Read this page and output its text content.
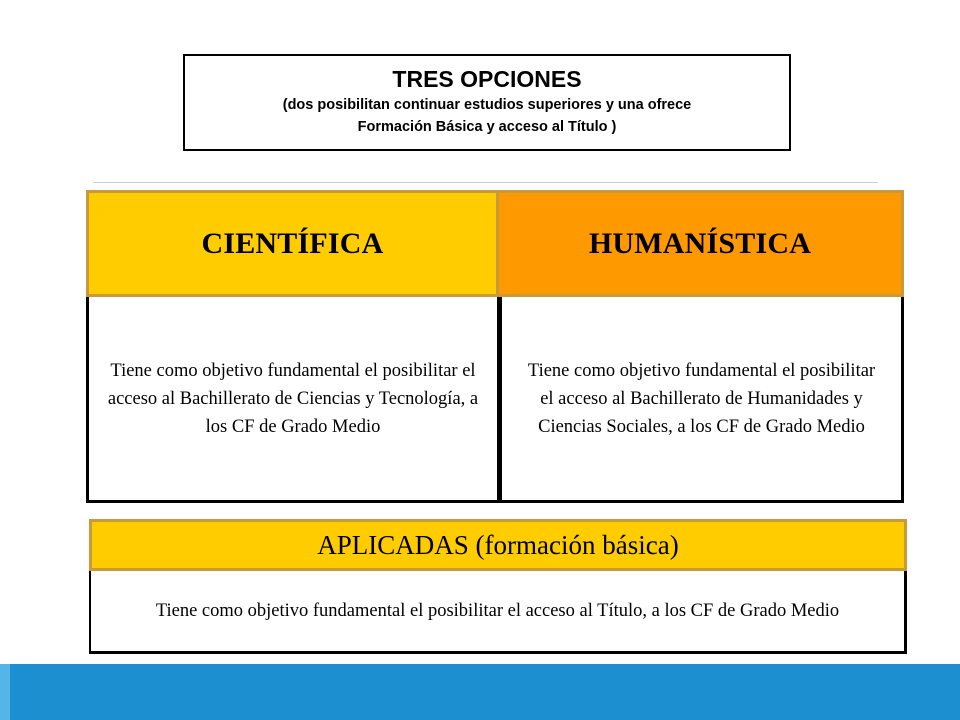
TRES OPCIONES
(dos posibilitan continuar estudios superiores y una ofrece
Formación Básica y acceso al Título )
CIENTÍFICA	HUMANÍSTICA
Tiene como objetivo fundamental el posibilitar el acceso al Bachillerato de Ciencias y Tecnología, a los CF de Grado Medio
Tiene como objetivo fundamental el posibilitar el acceso al Bachillerato de Humanidades y Ciencias Sociales, a los CF de Grado Medio
APLICADAS (formación básica)
Tiene como objetivo fundamental el posibilitar el acceso al Título, a los CF de Grado Medio
